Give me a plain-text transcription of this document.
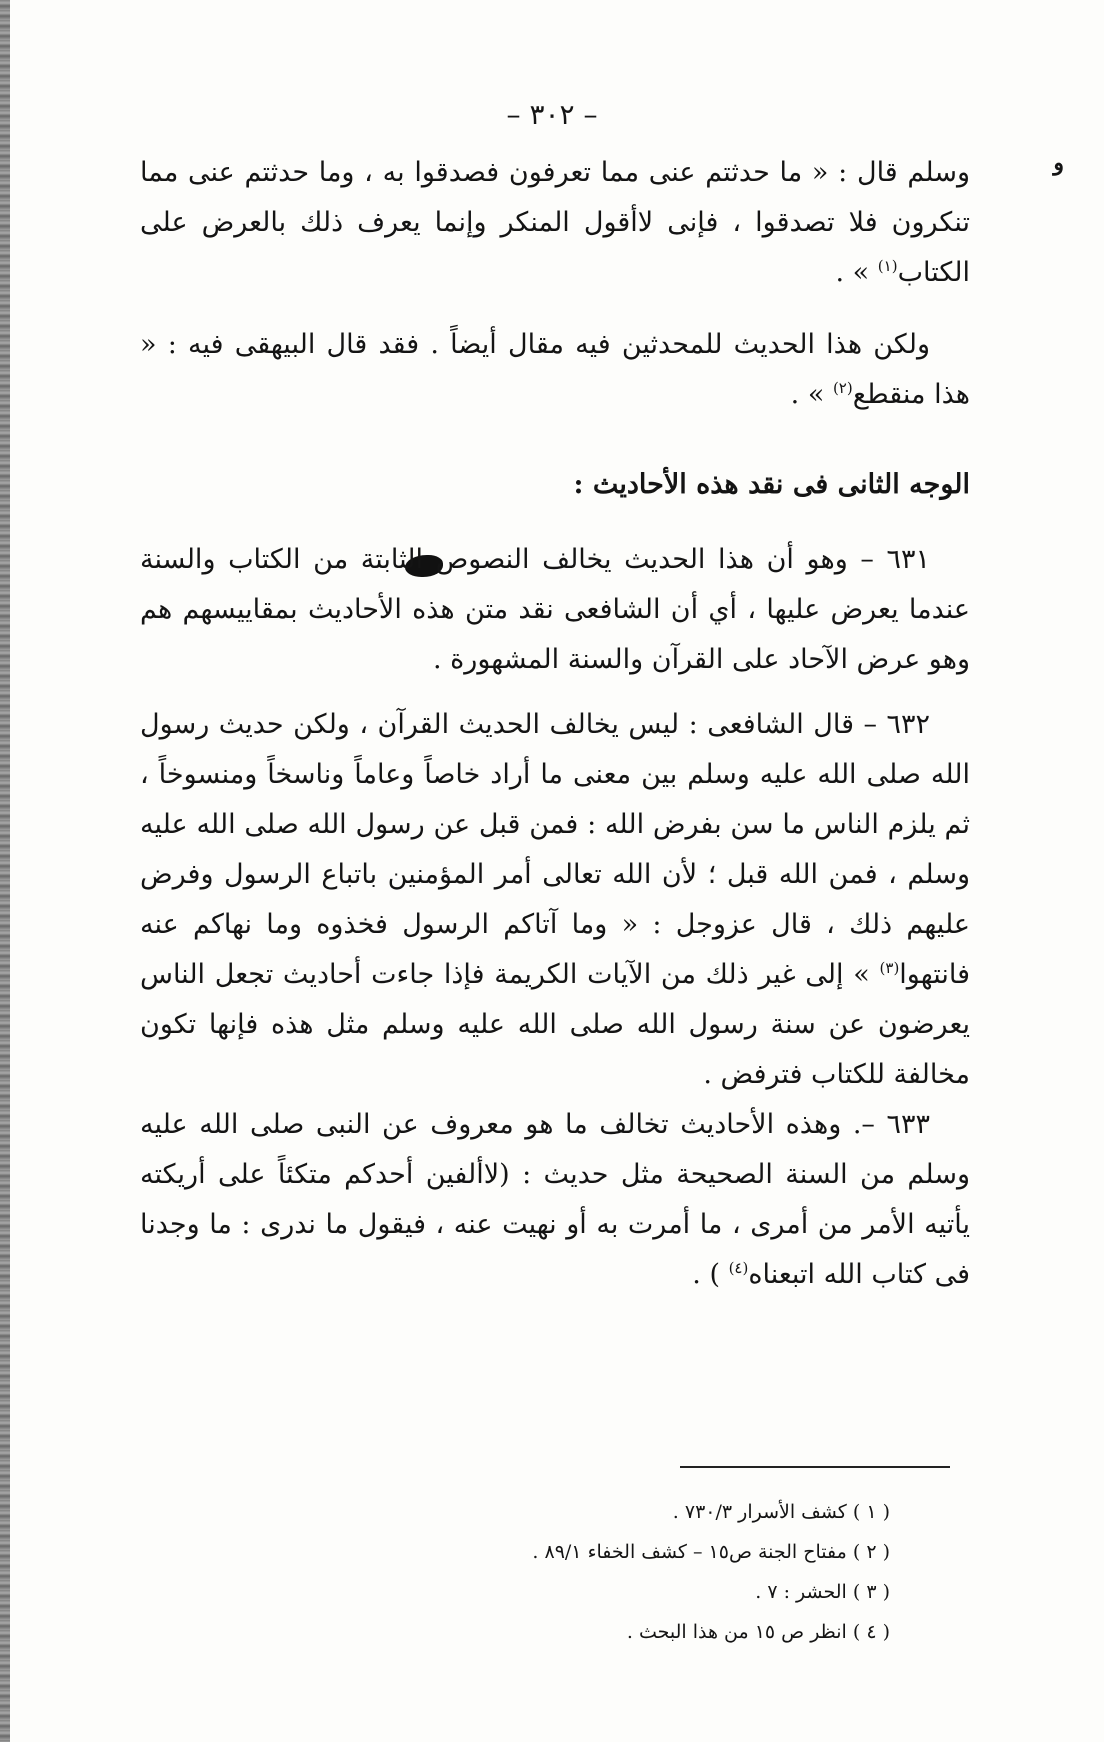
و
– ٣٠٢ –

وسلم قال : « ما حدثتم عنى مما تعرفون فصدقوا به ، وما حدثتم عنى مما تنكرون فلا تصدقوا ، فإنى لاأقول المنكر وإنما يعرف ذلك بالعرض على الكتاب$^{(١)}$ » .

ولكن هذا الحديث للمحدثين فيه مقال أيضاً . فقد قال البيهقى فيه : « هذا منقطع$^{(٢)}$ » .

الوجه الثانى فى نقد هذه الأحاديث :

٦٣١ – وهو أن هذا الحديث يخالف النصوص الثابتة من الكتاب والسنة عندما يعرض عليها ، أي أن الشافعى نقد متن هذه الأحاديث بمقاييسهم هم وهو عرض الآحاد على القرآن والسنة المشهورة .

٦٣٢ – قال الشافعى : ليس يخالف الحديث القرآن ، ولكن حديث رسول الله صلى الله عليه وسلم بين معنى ما أراد خاصاً وعاماً وناسخاً ومنسوخاً ، ثم يلزم الناس ما سن بفرض الله : فمن قبل عن رسول الله صلى الله عليه وسلم ، فمن الله قبل ؛ لأن الله تعالى أمر المؤمنين باتباع الرسول وفرض عليهم ذلك ، قال عزوجل : « وما آتاكم الرسول فخذوه وما نهاكم عنه فانتهوا$^{(٣)}$ » إلى غير ذلك من الآيات الكريمة فإذا جاءت أحاديث تجعل الناس يعرضون عن سنة رسول الله صلى الله عليه وسلم مثل هذه فإنها تكون مخالفة للكتاب فترفض .

٦٣٣ –. وهذه الأحاديث تخالف ما هو معروف عن النبى صلى الله عليه وسلم من السنة الصحيحة مثل حديث : (لاألفين أحدكم متكئاً على أريكته يأتيه الأمر من أمرى ، ما أمرت به أو نهيت عنه ، فيقول ما ندرى : ما وجدنا فى كتاب الله اتبعناه$^{(٤)}$ ) .

( ١ ) كشف الأسرار ٧٣٠/٣ .

( ٢ ) مفتاح الجنة ص١٥ – كشف الخفاء ٨٩/١ .

( ٣ ) الحشر : ٧ .

( ٤ ) انظر ص ١٥ من هذا البحث .
